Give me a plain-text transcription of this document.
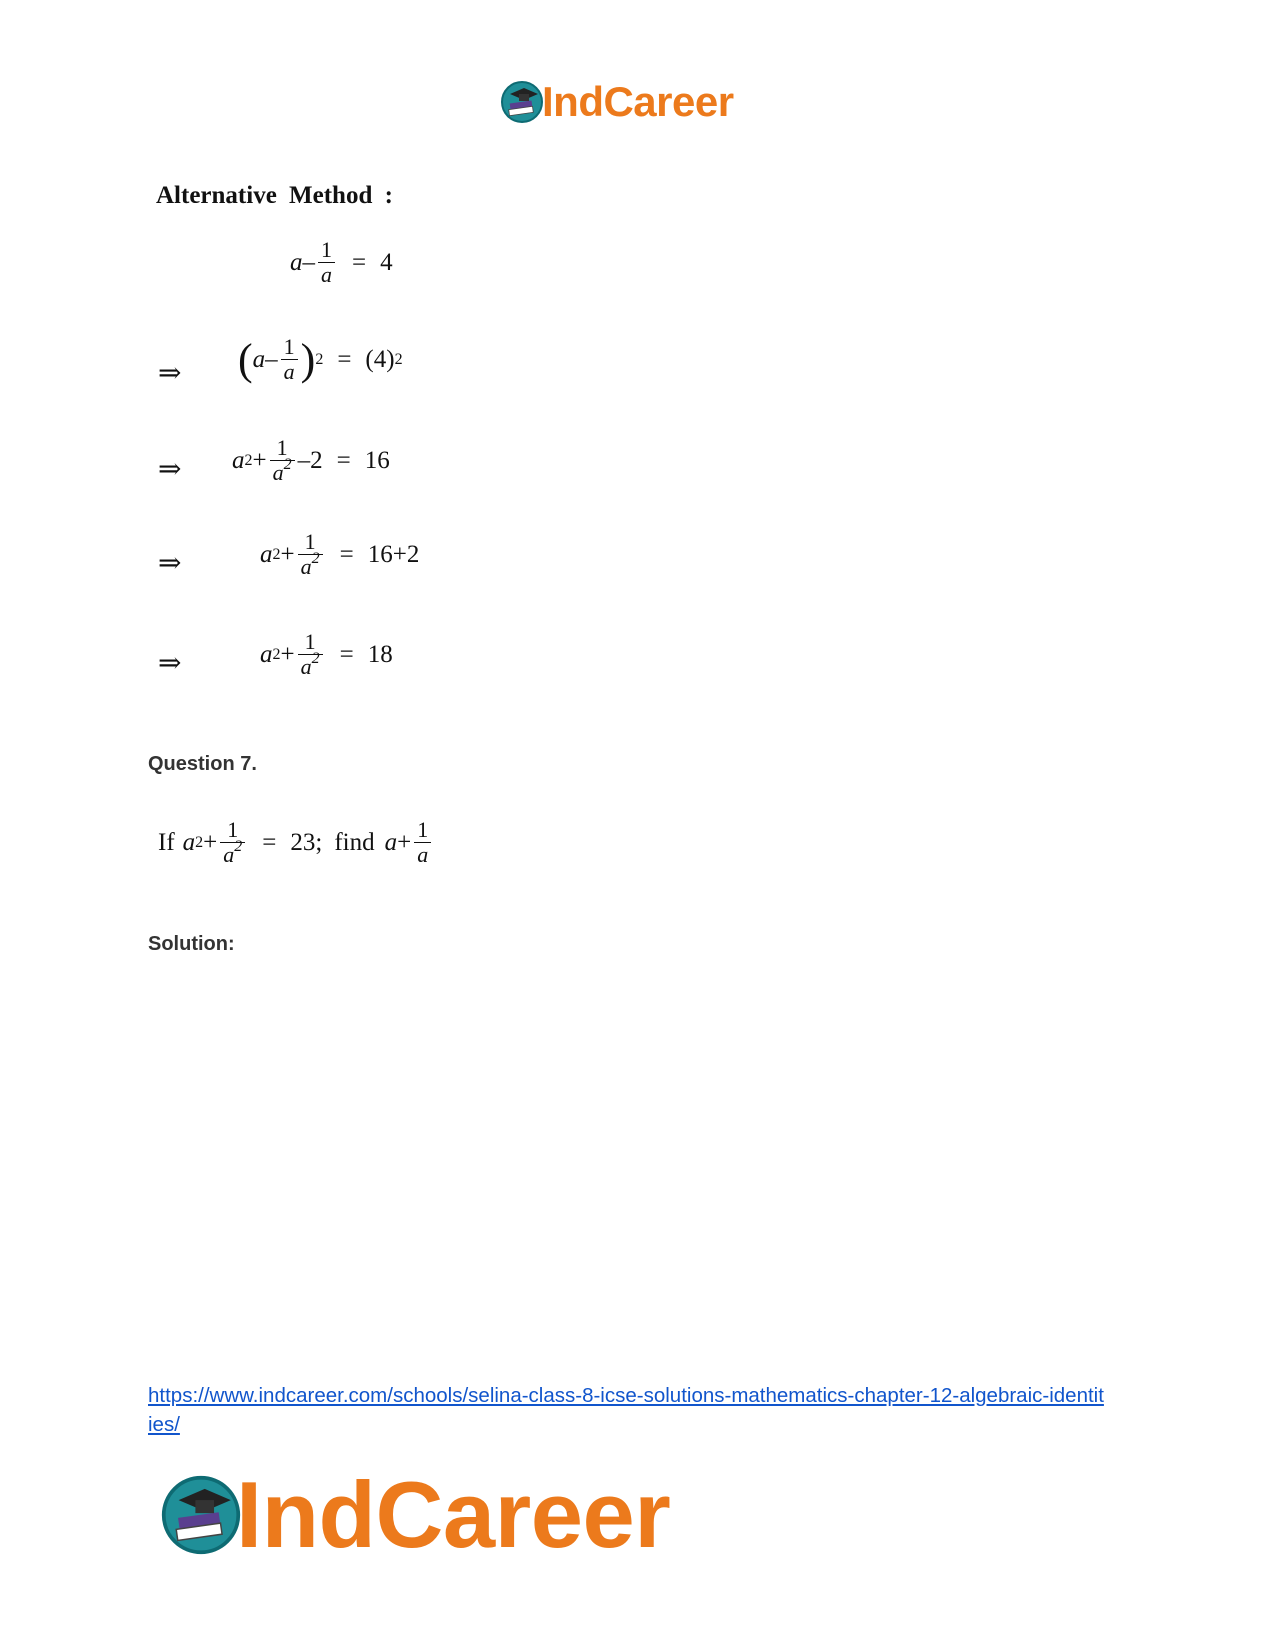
IndCareer
Alternative Method :
$a - \frac{1}{a} = 4$
⇒ ( a – $\frac{1}{a}$ ) 2 = (4) 2
⇒ a $2 + \frac{1}{a^2} -2 = 16$
⇒	a $2 + \frac{1}{a^2} = 16+2$
⇒	a $2 + \frac{1}{a^2} = 18$
Question 7.
If a $2 + \frac{1}{a^2} = 23$; find $a + \frac{1}{a}$
Solution:
https://www.indcareer.com/schools/selina-class-8-icse-solutions-mathematics-chapter-12-algebraic-identities/
IndCareer
